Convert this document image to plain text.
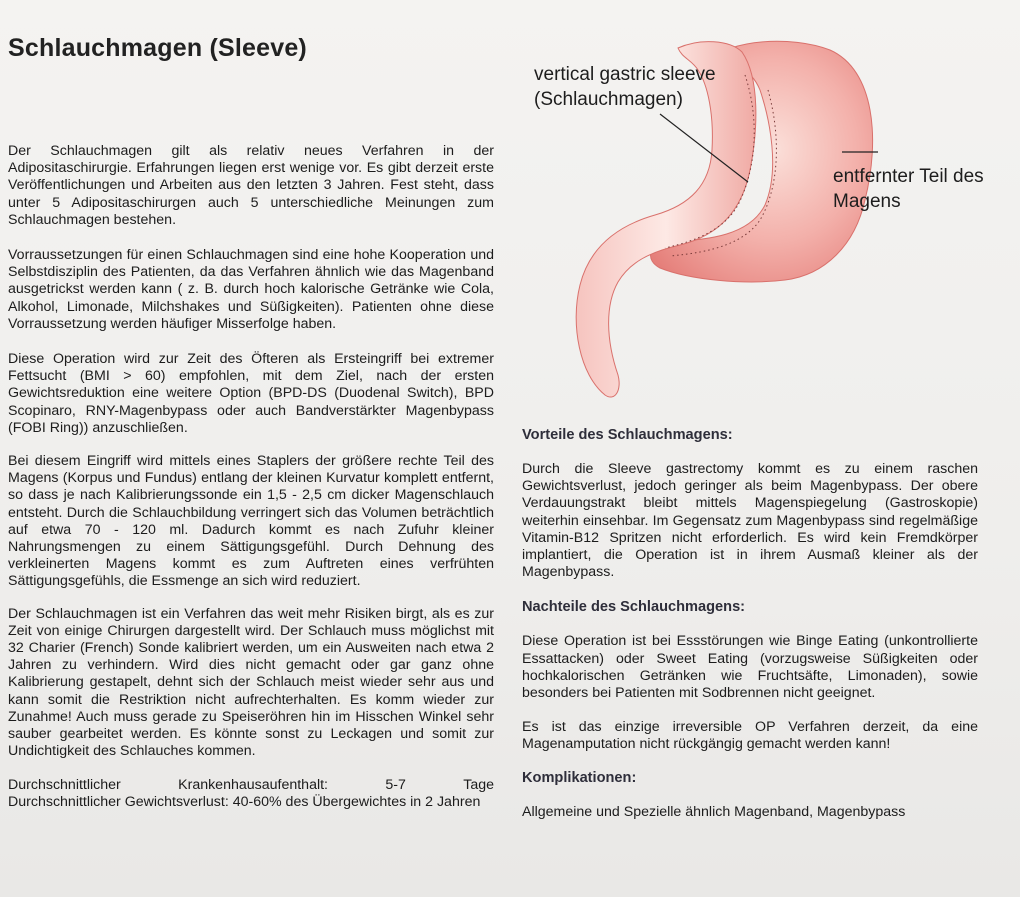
Schlauchmagen (Sleeve)
vertical gastric sleeve
(Schlauchmagen)
entfernter Teil des
Magens

Der Schlauchmagen gilt als relativ neues Verfahren in der Adipositaschirurgie. Erfahrungen liegen erst wenige vor. Es gibt derzeit erste Veröffentlichungen und Arbeiten aus den letzten 3 Jahren. Fest steht, dass unter 5 Adipositaschirurgen auch 5 unterschiedliche Meinungen zum Schlauchmagen bestehen.

Vorraussetzungen für einen Schlauchmagen sind eine hohe Kooperation und Selbstdisziplin des Patienten, da das Verfahren ähnlich wie das Magenband ausgetrickst werden kann ( z. B. durch hoch kalorische Getränke wie Cola, Alkohol, Limonade, Milchshakes und Süßigkeiten). Patienten ohne diese Vorraussetzung werden häufiger Misserfolge haben.

Diese Operation wird zur Zeit des Öfteren als Ersteingriff bei extremer Fettsucht (BMI > 60) empfohlen, mit dem Ziel, nach der ersten Gewichtsreduktion eine weitere Option (BPD-DS (Duodenal Switch), BPD Scopinaro, RNY-Magenbypass oder auch Bandverstärkter Magenbypass (FOBI Ring)) anzuschließen.

Bei diesem Eingriff wird mittels eines Staplers der größere rechte Teil des Magens (Korpus und Fundus) entlang der kleinen Kurvatur komplett entfernt, so dass je nach Kalibrierungssonde ein 1,5 - 2,5 cm dicker Magenschlauch entsteht. Durch die Schlauchbildung verringert sich das Volumen beträchtlich auf etwa 70 - 120 ml. Dadurch kommt es nach Zufuhr kleiner Nahrungsmengen zu einem Sättigungsgefühl. Durch Dehnung des verkleinerten Magens kommt es zum Auftreten eines verfrühten Sättigungsgefühls, die Essmenge an sich wird reduziert.

Der Schlauchmagen ist ein Verfahren das weit mehr Risiken birgt, als es zur Zeit von einige Chirurgen dargestellt wird. Der Schlauch muss möglichst mit 32 Charier (French) Sonde kalibriert werden, um ein Ausweiten nach etwa 2 Jahren zu verhindern. Wird dies nicht gemacht oder gar ganz ohne Kalibrierung gestapelt, dehnt sich der Schlauch meist wieder sehr aus und kann somit die Restriktion nicht aufrechterhalten. Es komm wieder zur Zunahme! Auch muss gerade zu Speiseröhren hin im Hisschen Winkel sehr sauber gearbeitet werden. Es könnte sonst zu Leckagen und somit zur Undichtigkeit des Schlauches kommen.

Durchschnittlicher	Krankenhausaufenthalt:	5-7	Tage

Durchschnittlicher Gewichtsverlust: 40-60% des Übergewichtes in 2 Jahren

Vorteile des Schlauchmagens:

Durch die Sleeve gastrectomy kommt es zu einem raschen Gewichtsverlust, jedoch geringer als beim Magenbypass. Der obere Verdauungstrakt bleibt mittels Magenspiegelung (Gastroskopie) weiterhin einsehbar. Im Gegensatz zum Magenbypass sind regelmäßige Vitamin-B12 Spritzen nicht erforderlich. Es wird kein Fremdkörper implantiert, die Operation ist in ihrem Ausmaß kleiner als der Magenbypass.

Nachteile des Schlauchmagens:

Diese Operation ist bei Essstörungen wie Binge Eating (unkontrollierte Essattacken) oder Sweet Eating (vorzugsweise Süßigkeiten oder hochkalorischen Getränken wie Fruchtsäfte, Limonaden), sowie besonders bei Patienten mit Sodbrennen nicht geeignet.

Es ist das einzige irreversible OP Verfahren derzeit, da eine Magenamputation nicht rückgängig gemacht werden kann!

Komplikationen:

Allgemeine und Spezielle ähnlich Magenband, Magenbypass
